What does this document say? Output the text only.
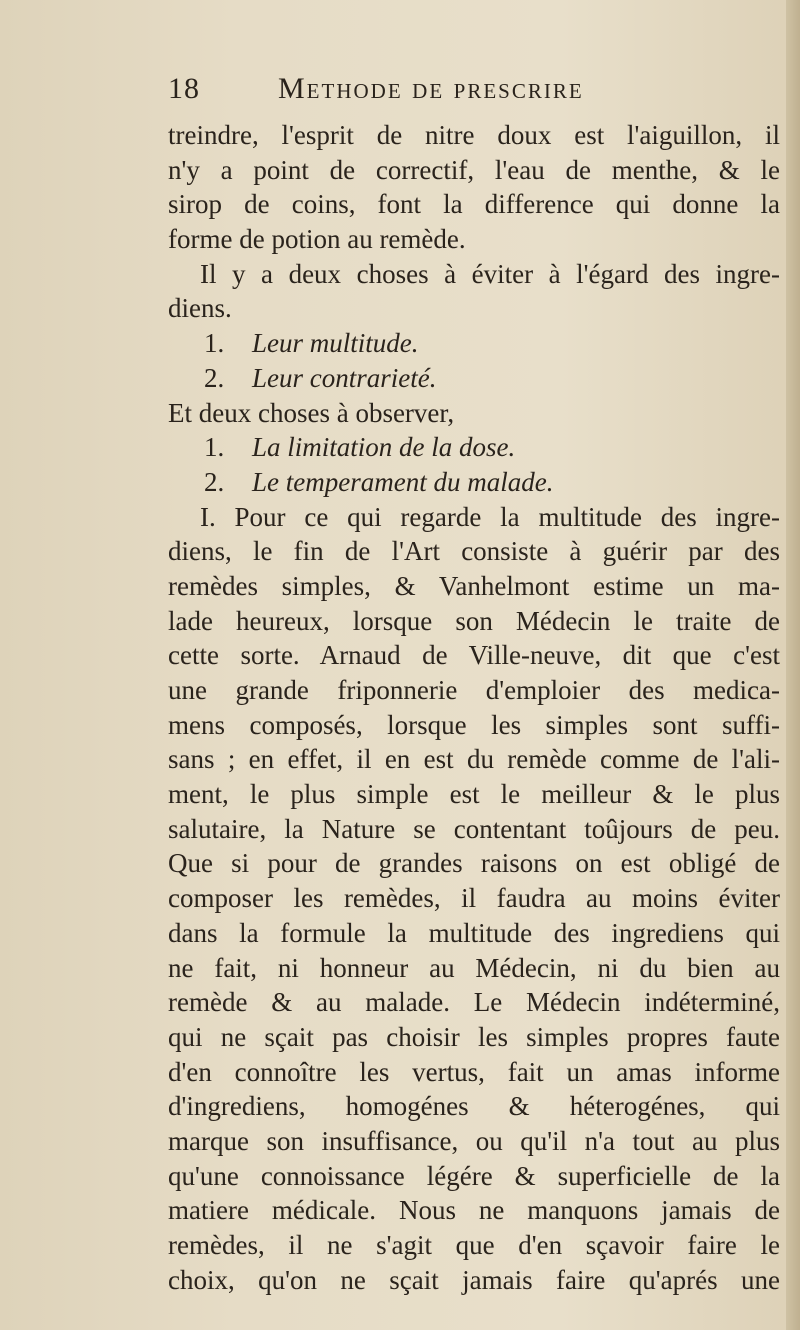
18	Methode de prescrire
treindre, l'esprit de nitre doux est l'aiguillon, il
n'y a point de correctif, l'eau de menthe, & le
sirop de coins, font la difference qui donne la
forme de potion au remède.
Il y a deux choses à éviter à l'égard des ingre-
diens.
1. Leur multitude.
2. Leur contrarieté.
Et deux choses à observer,
1. La limitation de la dose.
2. Le temperament du malade.
I. Pour ce qui regarde la multitude des ingre-
diens, le fin de l'Art consiste à guérir par des
remèdes simples, & Vanhelmont estime un ma-
lade heureux, lorsque son Médecin le traite de
cette sorte. Arnaud de Ville-neuve, dit que c'est
une grande friponnerie d'emploier des medica-
mens composés, lorsque les simples sont suffi-
sans ; en effet, il en est du remède comme de l'ali-
ment, le plus simple est le meilleur & le plus
salutaire, la Nature se contentant toûjours de peu.
Que si pour de grandes raisons on est obligé de
composer les remèdes, il faudra au moins éviter
dans la formule la multitude des ingrediens qui
ne fait, ni honneur au Médecin, ni du bien au
remède & au malade. Le Médecin indéterminé,
qui ne sçait pas choisir les simples propres faute
d'en connoître les vertus, fait un amas informe
d'ingrediens, homogénes & héterogénes, qui
marque son insuffisance, ou qu'il n'a tout au plus
qu'une connoissance légére & superficielle de la
matiere médicale. Nous ne manquons jamais de
remèdes, il ne s'agit que d'en sçavoir faire le
choix, qu'on ne sçait jamais faire qu'aprés une
